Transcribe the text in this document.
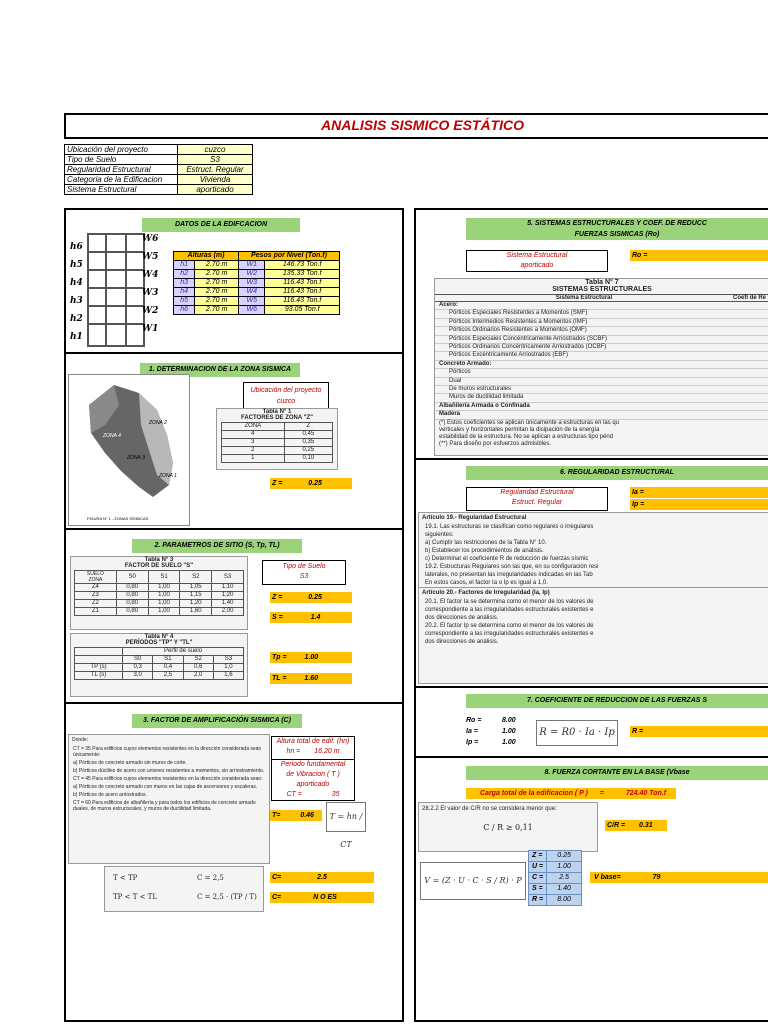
ANALISIS SISMICO ESTÁTICO
Ubicación del proyecto	cuzco
Tipo de Suelo	S3
Regularidad Estructural	Estruct. Regular
Categoria de la Edificacion	Vivienda
Sistema Estructural	aporticado
DATOS DE LA EDIFCACION
h6
h5
h4
h3
h2
h1
W6
W5
W4
W3
W2
W1
Alturas (m)		Pesos por Nivel (Ton.f)	
h1	2.70 m	W1	146.73 Ton.f
h2	2.70 m	W2	135.33 Ton.f
h3	2.70 m	W3	116.43 Ton.f
h4	2.70 m	W4	116.43 Ton.f
h5	2.70 m	W5	116.43 Ton.f
h6	2.70 m	W6	93.05 Ton.f
1. DETERMINACION DE LA ZONA SISMICA
ZONA 4
ZONA 3
ZONA 2
ZONA 1
FIGURA N° 1 - ZONAS SÍSMICAS
Ubicación del proyecto
cuzco
Tabla N° 1
FACTORES DE ZONA "Z"
ZONA	Z
4	0,45
3	0,35
2	0,25
1	0,10
Z =	0.25
2. PARAMETROS DE SITIO (S, Tp, TL)
Tabla N° 3
FACTOR DE SUELO "S"
SUELO
ZONA	S0	S1	S2	S3
Z4	0,80	1,00	1,05	1,10
Z3	0,80	1,00	1,15	1,20
Z2	0,80	1,00	1,20	1,40
Z1	0,80	1,00	1,60	2,00
Tabla N° 4
PERÍODOS "TP" Y "TL"
	Perfil de suelo			
	S0	S1	S2	S3
TP (s)	0,3	0,4	0,6	1,0
TL (s)	3,0	2,5	2,0	1,6
Tipo de Suelo
S3
Z =	0.25
S =	1.4
Tp =	1.00
TL =	1.60
3. FACTOR DE AMPLIFICACIÓN SISMICA (C)
Donde:
CT = 35 Para edificios cuyos elementos resistentes en la dirección considerada sean únicamente:
a) Pórticos de concreto armado sin muros de corte.
b) Pórticos dúctiles de acero con uniones resistentes a momentos, sin arriostramiento.
CT = 45 Para edificios cuyos elementos resistentes en la dirección considerada sean:
a) Pórticos de concreto armado con muros en las cajas de ascensores y escaleras.
b) Pórticos de acero arriostrados.
CT = 60 Para edificios de albañilería y para todos los edificios de concreto armado duales, de muros estructurales, y muros de ductilidad limitada.
Altura total de edif. (hn)
hn = 16.20 m
Periodo fundamental
de Vibracion ( T )
aporticado
CT =	35
T=	0.46	T = hn / CT
T < TP	C = 2,5
TP < T < TL	C = 2,5 · (TP / T)
C=	2.5
C=	N O ES
5. SISTEMAS ESTRUCTURALES Y COEF. DE REDUCC
FUERZAS SISMICAS (Ro)
Sistema Estructural
aporticado
Ro =
Tabla N° 7
SISTEMAS ESTRUCTURALES
Sistema Estructural	Coefi de Re
Acero:
Pórticos Especiales Resistentes a Momentos (SMF)
Pórticos Intermedios Resistentes a Momentos (IMF)
Pórticos Ordinarios Resistentes a Momentos (OMF)
Pórticos Especiales Concéntricamente Arriostrados (SCBF)
Pórticos Ordinarios Concéntricamente Arriostrados (OCBF)
Pórticos Excéntricamente Arriostrados (EBF)
Concreto Armado:
Pórticos
Dual
De muros estructurales
Muros de ductilidad limitada
Albañilería Armada o Confinada
Madera
(*) Estos coeficientes se aplican únicamente a estructuras en las qu
verticales y horizontales permitan la disipación de la energía
estabilidad de la estructura. No se aplican a estructuras tipo pénd
(**) Para diseño por esfuerzos admisibles.
6. REGULARIDAD ESTRUCTURAL
Regularidad Estructural
Estruct. Regular
Ia =
Ip =
Artículo 19.- Regularidad Estructural
19.1. Las estructuras se clasifican como regulares o irregulares
siguientes:
a) Cumplir las restricciones de la Tabla N° 10.
b) Establecer los procedimientos de análisis.
c) Determinar el coeficiente R de reducción de fuerzas sísmic
19.2. Estructuras Regulares son las que, en su configuración resi
laterales, no presentan las irregularidades indicadas en las Tab
En estos casos, el factor Ia o Ip es igual a 1,0.
Artículo 20.- Factores de Irregularidad (Ia, Ip)
20.1. El factor Ia se determina como el menor de los valores de
correspondiente a las irregularidades estructurales existentes e
dos direcciones de análisis.
20.2. El factor Ip se determina como el menor de los valores de
correspondiente a las irregularidades estructurales existentes e
dos direcciones de análisis.
7. COEFICIENTE DE REDUCCION DE LAS FUERZAS S
Ro =	8.00
Ia =	1.00
Ip =	1.00
R = R0 · Ia · Ip	R =
8. FUERZA CORTANTE EN LA BASE (Vbase
Carga total de la edificacion ( P ) =	724.40 Ton.f
28.2.2 El valor de C/R no se considera menor que:
C / R ≥ 0,11	C/R = 0.31
V = (Z · U · C · S / R) · P
Z =	0.25
U =	1.00
C =	2.5
S =	1.40
R =	8.00
V base=	79
